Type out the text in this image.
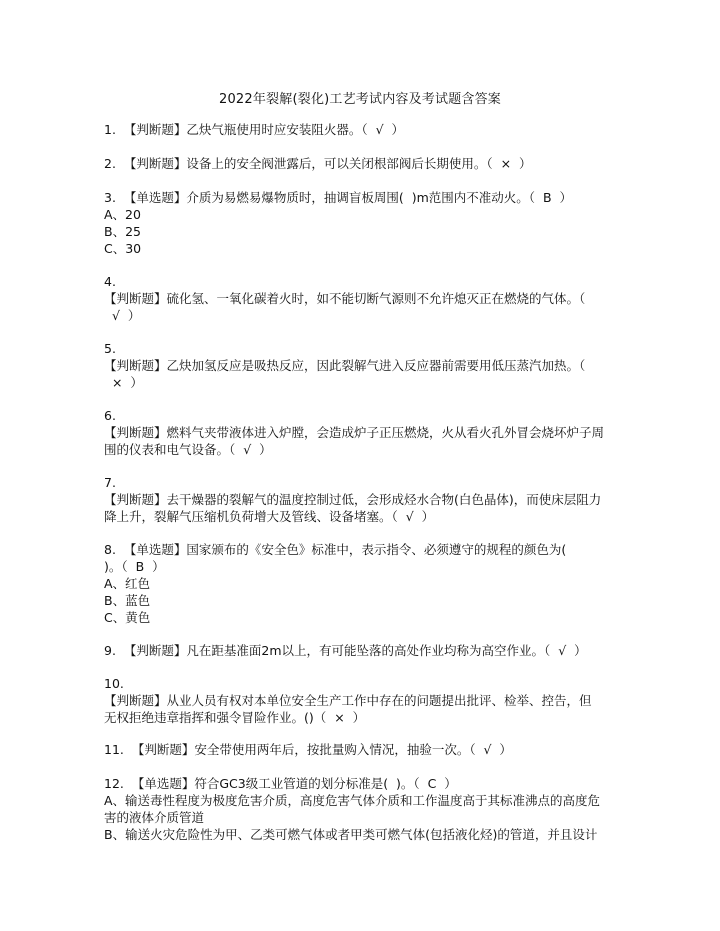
2022年裂解(裂化)工艺考试内容及考试题含答案
1.  【判断题】乙炔气瓶使用时应安装阻火器。（  √  ）
2.  【判断题】设备上的安全阀泄露后，可以关闭根部阀后长期使用。（  ×  ）
3.  【单选题】介质为易燃易爆物质时，抽调盲板周围(  )m范围内不准动火。（  B  ）
A、20
B、25
C、30
4.
【判断题】硫化氢、一氧化碳着火时，如不能切断气源则不允许熄灭正在燃烧的气体。（
√  ）
5.
【判断题】乙炔加氢反应是吸热反应，因此裂解气进入反应器前需要用低压蒸汽加热。（
×  ）
6.
【判断题】燃料气夹带液体进入炉膛，会造成炉子正压燃烧，火从看火孔外冒会烧坏炉子周
围的仪表和电气设备。（  √  ）
7.
【判断题】去干燥器的裂解气的温度控制过低，会形成烃水合物(白色晶体)，而使床层阻力
降上升，裂解气压缩机负荷增大及管线、设备堵塞。（  √  ）
8.  【单选题】国家颁布的《安全色》标准中，表示指令、必须遵守的规程的颜色为(
)。（  B  ）
A、红色
B、蓝色
C、黄色
9.  【判断题】凡在距基准面2m以上，有可能坠落的高处作业均称为高空作业。（  √  ）
10.
【判断题】从业人员有权对本单位安全生产工作中存在的问题提出批评、检举、控告，但
无权拒绝违章指挥和强令冒险作业。()（  ×  ）
11.  【判断题】安全带使用两年后，按批量购入情况，抽验一次。（  √  ）
12.  【单选题】符合GC3级工业管道的划分标准是(  )。（  C  ）
A、输送毒性程度为极度危害介质，高度危害气体介质和工作温度高于其标准沸点的高度危
害的液体介质管道
B、输送火灾危险性为甲、乙类可燃气体或者甲类可燃气体(包括液化烃)的管道，并且设计
